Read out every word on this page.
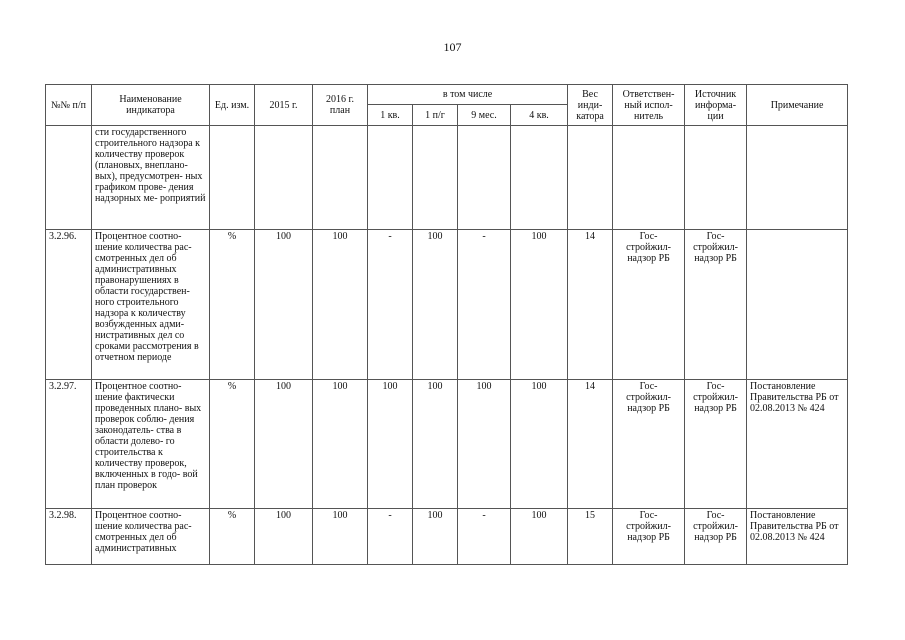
107
№№ п/п	Наименование индикатора	Ед. изм.	2015 г.	2016 г. план	в том числе				Вес инди- катора	Ответствен- ный испол- нитель	Источник информа- ции	Примечание
					1 кв.	1 п/г	9 мес.	4 кв.				
	сти государственного строительного надзора к количеству проверок (плановых, внеплано- вых), предусмотрен- ных графиком прове- дения надзорных ме- роприятий											
3.2.96.	Процентное соотно- шение количества рас- смотренных дел об административных правонарушениях в области государствен- ного строительного надзора к количеству возбужденных адми- нистративных дел со сроками рассмотрения в отчетном периоде	%	100	100	-	100	-	100	14	Гос- стройжил- надзор РБ	Гос- стройжил- надзор РБ	
3.2.97.	Процентное соотно- шение фактически проведенных плано- вых проверок соблю- дения законодатель- ства в области долево- го строительства к количеству проверок, включенных в годо- вой план проверок	%	100	100	100	100	100	100	14	Гос- стройжил- надзор РБ	Гос- стройжил- надзор РБ	Постановление Правительства РБ от 02.08.2013 № 424
3.2.98.	Процентное соотно- шение количества рас- смотренных дел об административных	%	100	100	-	100	-	100	15	Гос- стройжил- надзор РБ	Гос- стройжил- надзор РБ	Постановление Правительства РБ от 02.08.2013 № 424
